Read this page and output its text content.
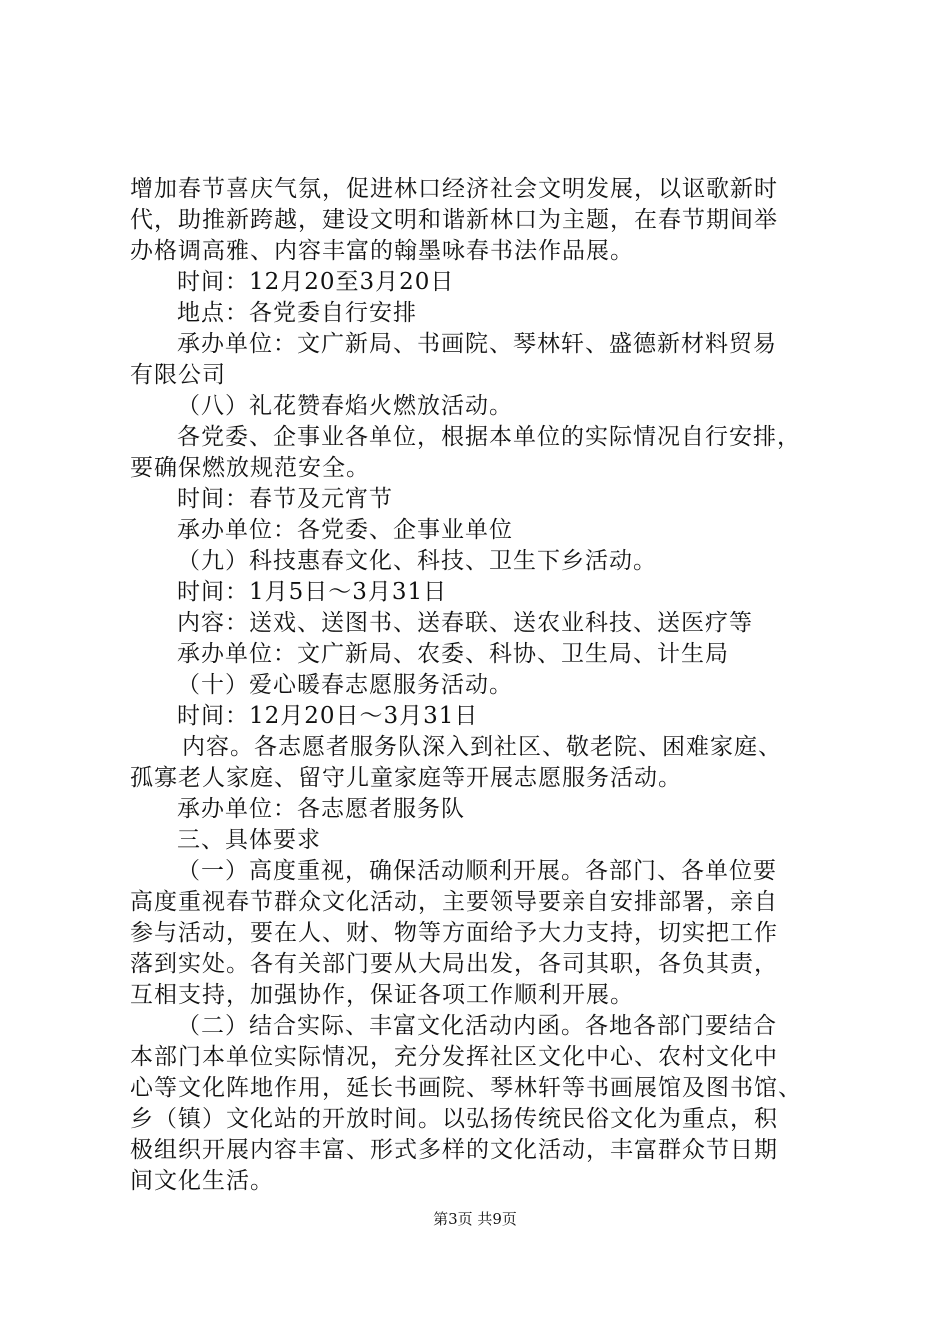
增加春节喜庆气氛，促进林口经济社会文明发展，以讴歌新时
代，助推新跨越，建设文明和谐新林口为主题，在春节期间举
办格调高雅、内容丰富的翰墨咏春书法作品展。
时间：12月20至3月20日
地点：各党委自行安排
承办单位：文广新局、书画院、琴林轩、盛德新材料贸易
有限公司
（八）礼花赞春焰火燃放活动。
各党委、企事业各单位，根据本单位的实际情况自行安排，
要确保燃放规范安全。
时间：春节及元宵节
承办单位：各党委、企事业单位
（九）科技惠春文化、科技、卫生下乡活动。
时间：1月5日～3月31日
内容：送戏、送图书、送春联、送农业科技、送医疗等
承办单位：文广新局、农委、科协、卫生局、计生局
（十）爱心暖春志愿服务活动。
时间：12月20日～3月31日
内容。各志愿者服务队深入到社区、敬老院、困难家庭、
孤寡老人家庭、留守儿童家庭等开展志愿服务活动。
承办单位：各志愿者服务队
三、具体要求
（一）高度重视，确保活动顺利开展。各部门、各单位要
高度重视春节群众文化活动，主要领导要亲自安排部署，亲自
参与活动，要在人、财、物等方面给予大力支持，切实把工作
落到实处。各有关部门要从大局出发，各司其职，各负其责，
互相支持，加强协作，保证各项工作顺利开展。
（二）结合实际、丰富文化活动内函。各地各部门要结合
本部门本单位实际情况，充分发挥社区文化中心、农村文化中
心等文化阵地作用，延长书画院、琴林轩等书画展馆及图书馆、
乡（镇）文化站的开放时间。以弘扬传统民俗文化为重点，积
极组织开展内容丰富、形式多样的文化活动，丰富群众节日期
间文化生活。
第3页 共9页
